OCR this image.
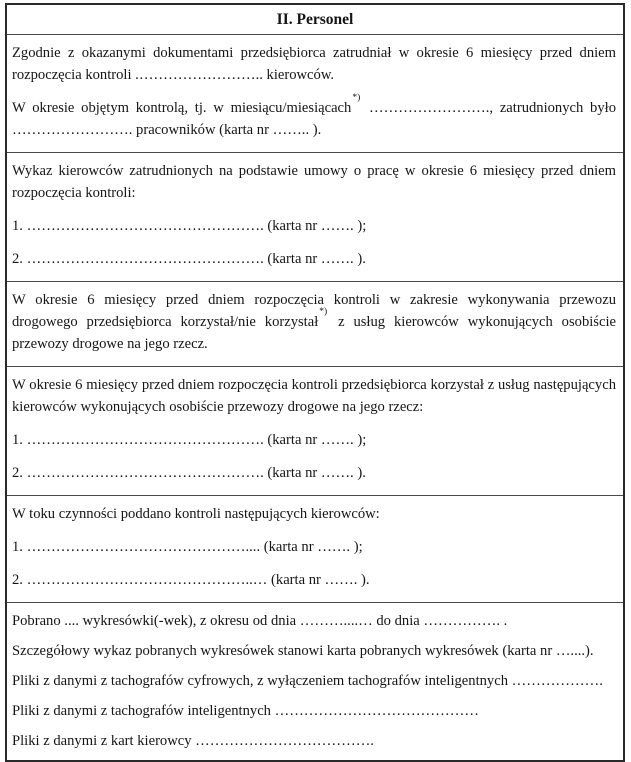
II. Personel

Zgodnie z okazanymi dokumentami przedsiębiorca zatrudniał w okresie 6 miesięcy przed dniem rozpoczęcia kontroli .…………………….. kierowców.

W okresie objętym kontrolą, tj. w miesiącu/miesiącach*) ……………………., zatrudnionych było ……………………. pracowników (karta nr …….. ).

Wykaz kierowców zatrudnionych na podstawie umowy o pracę w okresie 6 miesięcy przed dniem rozpoczęcia kontroli:

1. …………………………………………. (karta nr ……. );

2. …………………………………………. (karta nr ……. ).

W okresie 6 miesięcy przed dniem rozpoczęcia kontroli w zakresie wykonywania przewozu drogowego przedsiębiorca korzystał/nie korzystał*) z usług kierowców wykonujących osobiście przewozy drogowe na jego rzecz.

W okresie 6 miesięcy przed dniem rozpoczęcia kontroli przedsiębiorca korzystał z usług następujących kierowców wykonujących osobiście przewozy drogowe na jego rzecz:

1. …………………………………………. (karta nr ……. );

2. …………………………………………. (karta nr ……. ).

W toku czynności poddano kontroli następujących kierowców:

1. ……………………………………….... (karta nr ……. );

2. ………………………………………..… (karta nr ……. ).

Pobrano .... wykresówki(-wek), z okresu od dnia ………....… do dnia ……………. .

Szczegółowy wykaz pobranych wykresówek stanowi karta pobranych wykresówek (karta nr …....).

Pliki z danymi z tachografów cyfrowych, z wyłączeniem tachografów inteligentnych ……………….

Pliki z danymi z tachografów inteligentnych ……………………………………

Pliki z danymi z kart kierowcy ……………………………….
